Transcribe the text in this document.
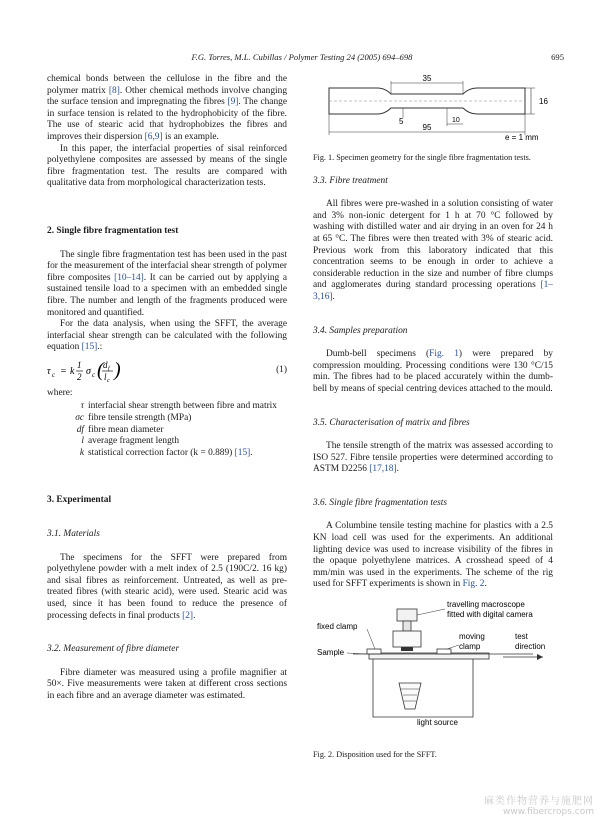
F.G. Torres, M.L. Cubillas / Polymer Testing 24 (2005) 694–698	695

chemical bonds between the cellulose in the fibre and the polymer matrix [8]. Other chemical methods involve changing the surface tension and impregnating the fibres [9]. The change in surface tension is related to the hydrophobicity of the fibre. The use of stearic acid that hydrophobizes the fibres and improves their dispersion [6,9] is an example.

In this paper, the interfacial properties of sisal reinforced polyethylene composites are assessed by means of the single fibre fragmentation test. The results are compared with qualitative data from morphological characterization tests.

2. Single fibre fragmentation test

The single fibre fragmentation test has been used in the past for the measurement of the interfacial shear strength of polymer fibre composites [10–14]. It can be carried out by applying a sustained tensile load to a specimen with an embedded single fibre. The number and length of the fragments produced were monitored and quantified.

For the data analysis, when using the SFFT, the average interfacial shear strength can be calculated with the following equation [15].:

τ c = k
1
2 σ c ( d f
l c )	(1)

where:

τ interfacial shear strength between fibre and matrix
σc fibre tensile strength (MPa)
df fibre mean diameter
l average fragment length
k statistical correction factor (k = 0.889) [15].

3. Experimental

3.1. Materials

The specimens for the SFFT were prepared from polyethylene powder with a melt index of 2.5 (190C/2. 16 kg) and sisal fibres as reinforcement. Untreated, as well as pre-treated fibres (with stearic acid), were used. Stearic acid was used, since it has been found to reduce the presence of processing defects in final products [2].

3.2. Measurement of fibre diameter

Fibre diameter was measured using a profile magnifier at 50×. Five measurements were taken at different cross sections in each fibre and an average diameter was estimated.

35
16
5
95
10
e = 1 mm

Fig. 1. Specimen geometry for the single fibre fragmentation tests.

3.3. Fibre treatment

All fibres were pre-washed in a solution consisting of water and 3% non-ionic detergent for 1 h at 70 °C followed by washing with distilled water and air drying in an oven for 24 h at 65 °C. The fibres were then treated with 3% of stearic acid. Previous work from this laboratory indicated that this concentration seems to be enough in order to achieve a considerable reduction in the size and number of fibre clumps and agglomerates during standard processing operations [1–3,16].

3.4. Samples preparation

Dumb-bell specimens (Fig. 1) were prepared by compression moulding. Processing conditions were 130 °C/15 min. The fibres had to be placed accurately within the dumb-bell by means of special centring devices attached to the mould.

3.5. Characterisation of matrix and fibres

The tensile strength of the matrix was assessed according to ISO 527. Fibre tensile properties were determined according to ASTM D2256 [17,18].

3.6. Single fibre fragmentation tests

A Columbine tensile testing machine for plastics with a 2.5 KN load cell was used for the experiments. An additional lighting device was used to increase visibility of the fibres in the opaque polyethylene matrices. A crosshead speed of 4 mm/min was used in the experiments. The scheme of the rig used for SFFT experiments is shown in Fig. 2.

travelling macroscope
fitted with digital camera
fixed clamp
Sample
moving
clamp
test
direction
light source

Fig. 2. Disposition used for the SFFT.

麻类作物营养与施肥网
www.fibercrops.com
